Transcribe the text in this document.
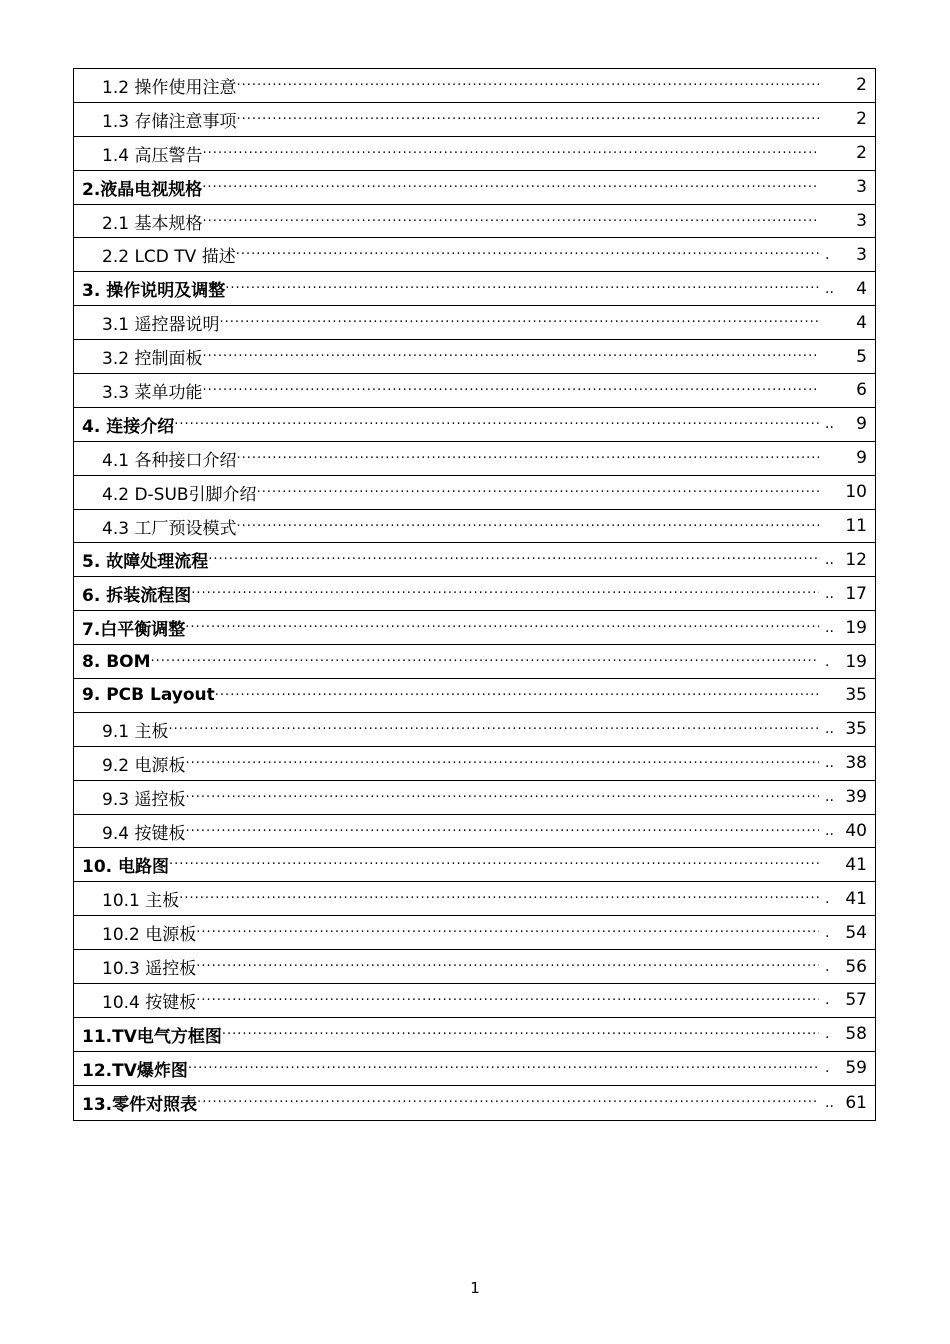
1.2 操作使用注意 ·····	2
1.3 存储注意事项 ·····	2
1.4 高压警告 ·····	2
2.液晶电视规格 ·····	3
2.1 基本规格 ·····	3
2.2 LCD TV 描述 ·····	.	3
3. 操作说明及调整 ·····	..	4
3.1 遥控器说明 ·····	4
3.2 控制面板 ·····	5
3.3 菜单功能 ·····	6
4. 连接介绍 ·····	..	9
4.1 各种接口介绍 ·····	9
4.2 D-SUB引脚介绍 ·····	10
4.3 工厂预设模式 ·····	11
5. 故障处理流程 ·····	.. 12
6. 拆装流程图 ·····	.. 17
7.白平衡调整 ·····	.. 19
8. BOM ·····	. 19
9. PCB Layout ·····	35
9.1 主板 ·····	.. 35
9.2 电源板 ·····	.. 38
9.3 遥控板 ·····	.. 39
9.4 按键板 ·····	.. 40
10. 电路图 ·····	41
10.1 主板 ·····	. 41
10.2 电源板 ·····	. 54
10.3 遥控板 ·····	. 56
10.4 按键板 ·····	. 57
11.TV电气方框图 ·····	. 58
12.TV爆炸图 ·····	. 59
13.零件对照表 ·····	.. 61
1
